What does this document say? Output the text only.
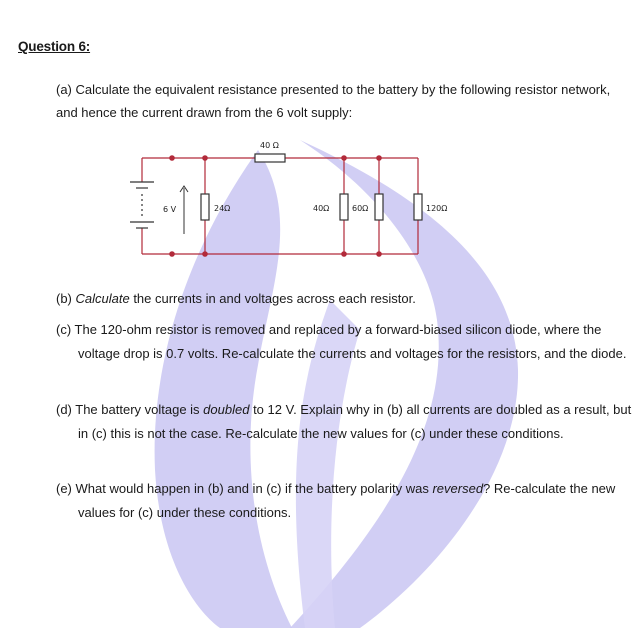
Question 6:

(a) Calculate the equivalent resistance presented to the battery by the following resistor network, and hence the current drawn from the 6 volt supply:

6 V
40 Ω
24Ω	40Ω	60Ω	120Ω

(b) Calculate the currents in and voltages across each resistor.

(c) The 120-ohm resistor is removed and replaced by a forward-biased silicon diode, where the voltage drop is 0.7 volts. Re-calculate the currents and voltages for the resistors, and the diode.

(d) The battery voltage is doubled to 12 V. Explain why in (b) all currents are doubled as a result, but in (c) this is not the case. Re-calculate the new values for (c) under these conditions.

(e) What would happen in (b) and in (c) if the battery polarity was reversed? Re-calculate the new values for (c) under these conditions.
